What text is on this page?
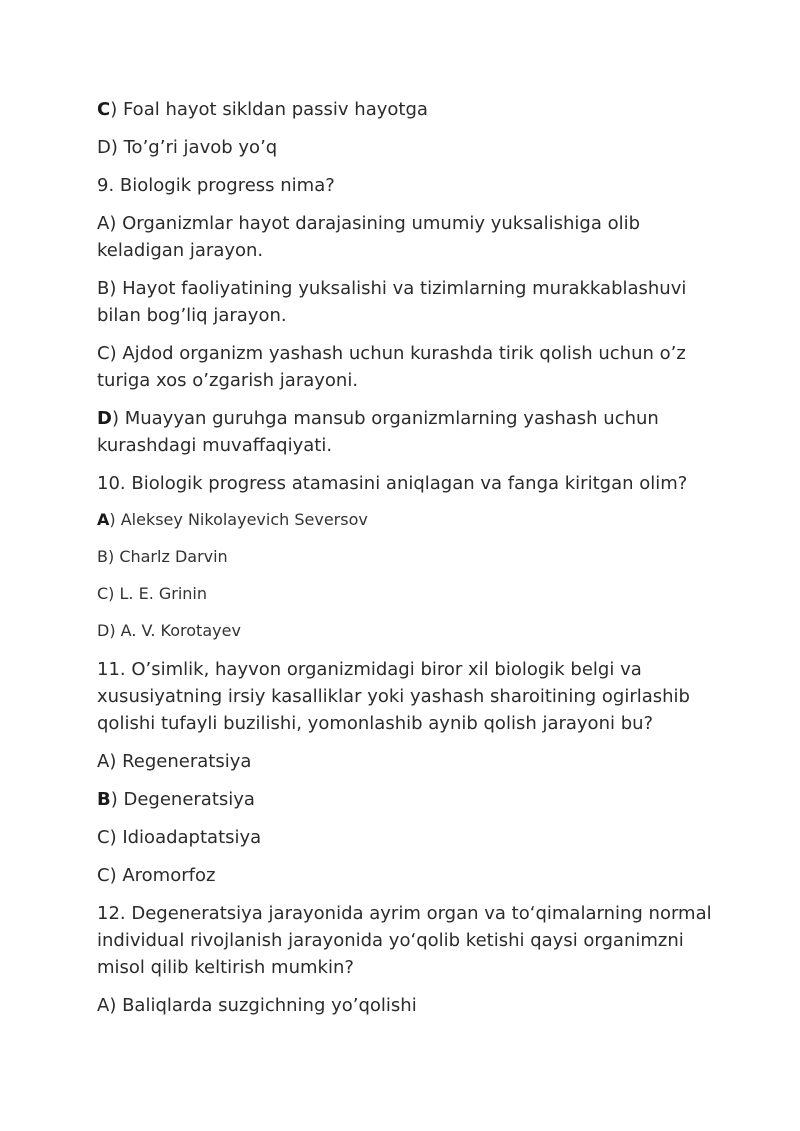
C) Foal hayot sikldan passiv hayotga

D) To’g’ri javob yo’q

9. Biologik progress nima?

A) Organizmlar hayot darajasining umumiy yuksalishiga olib keladigan jarayon.

B) Hayot faoliyatining yuksalishi va tizimlarning murakkablashuvi bilan bog’liq jarayon.

C) Ajdod organizm yashash uchun kurashda tirik qolish uchun o’z turiga xos o’zgarish jarayoni.

D) Muayyan guruhga mansub organizmlarning yashash uchun kurashdagi muvaffaqiyati.

10. Biologik progress atamasini aniqlagan va fanga kiritgan olim?

A) Aleksey Nikolayevich Seversov

B) Charlz Darvin

C) L. E. Grinin

D) A. V. Korotayev

11. O’simlik, hayvon organizmidagi biror xil biologik belgi va xususiyatning irsiy kasalliklar yoki yashash sharoitining ogirlashib qolishi tufayli buzilishi, yomonlashib aynib qolish jarayoni bu?

A) Regeneratsiya

B) Degeneratsiya

C) Idioadaptatsiya

C) Aromorfoz

12. Degeneratsiya jarayonida ayrim organ va to‘qimalarning normal individual rivojlanish jarayonida yo‘qolib ketishi qaysi organimzni misol qilib keltirish mumkin?

A) Baliqlarda suzgichning yo’qolishi
